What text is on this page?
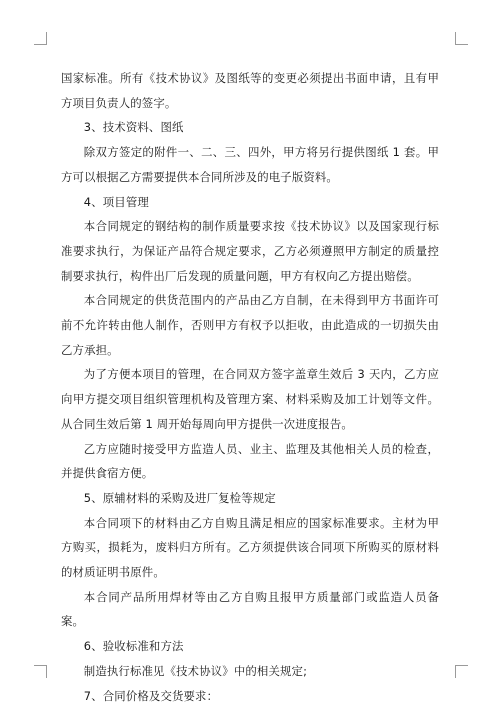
国家标准。所有《技术协议》及图纸等的变更必须提出书面申请，且有甲方项目负责人的签字。

3、技术资料、图纸

除双方签定的附件一、二、三、四外，甲方将另行提供图纸 1 套。甲方可以根据乙方需要提供本合同所涉及的电子版资料。

4、项目管理

本合同规定的钢结构的制作质量要求按《技术协议》以及国家现行标准要求执行，为保证产品符合规定要求，乙方必须遵照甲方制定的质量控制要求执行，构件出厂后发现的质量问题，甲方有权向乙方提出赔偿。

本合同规定的供货范围内的产品由乙方自制，在未得到甲方书面许可前不允许转由他人制作，否则甲方有权予以拒收，由此造成的一切损失由乙方承担。

为了方便本项目的管理，在合同双方签字盖章生效后 3 天内，乙方应向甲方提交项目组织管理机构及管理方案、材料采购及加工计划等文件。从合同生效后第 1 周开始每周向甲方提供一次进度报告。

乙方应随时接受甲方监造人员、业主、监理及其他相关人员的检查，并提供食宿方便。

5、原辅材料的采购及进厂复检等规定

本合同项下的材料由乙方自购且满足相应的国家标准要求。主材为甲方购买，损耗为，废料归方所有。乙方须提供该合同项下所购买的原材料的材质证明书原件。

本合同产品所用焊材等由乙方自购且报甲方质量部门或监造人员备案。

6、验收标准和方法

制造执行标准见《技术协议》中的相关规定;

7、合同价格及交货要求：
